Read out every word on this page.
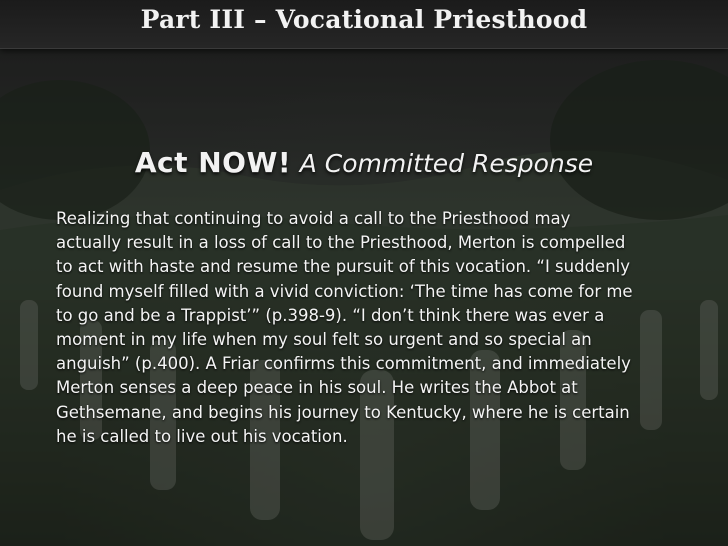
Part III – Vocational Priesthood
Act NOW! A Committed Response
Realizing that continuing to avoid a call to the Priesthood may
actually result in a loss of call to the Priesthood, Merton is compelled
to act with haste and resume the pursuit of this vocation. “I suddenly
found myself filled with a vivid conviction: ‘The time has come for me
to go and be a Trappist’” (p.398-9). “I don’t think there was ever a
moment in my life when my soul felt so urgent and so special an
anguish” (p.400). A Friar confirms this commitment, and immediately
Merton senses a deep peace in his soul. He writes the Abbot at
Gethsemane, and begins his journey to Kentucky, where he is certain
he is called to live out his vocation.
